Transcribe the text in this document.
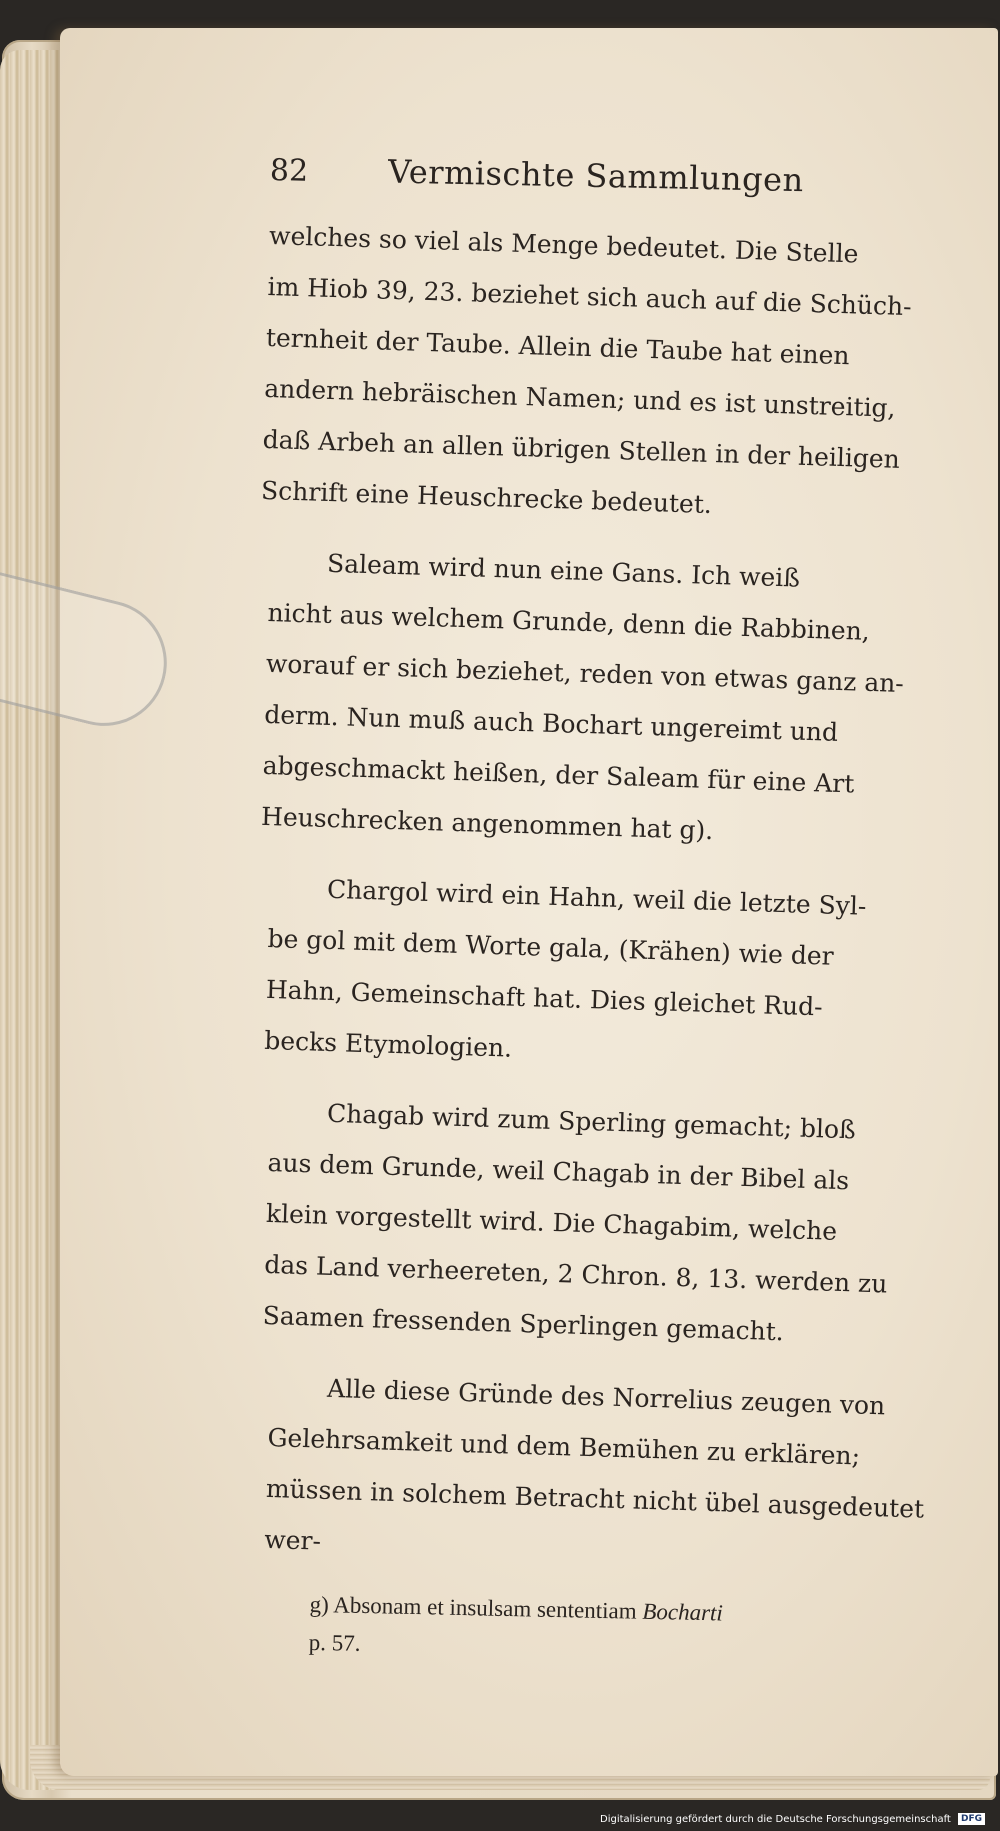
82 Vermischte Sammlungen
welches so viel als Menge bedeutet. Die Stelle
im Hiob 39, 23. beziehet sich auch auf die Schüch-
ternheit der Taube. Allein die Taube hat einen
andern hebräischen Namen; und es ist unstreitig,
daß Arbeh an allen übrigen Stellen in der heiligen
Schrift eine Heuschrecke bedeutet.
Saleam wird nun eine Gans. Ich weiß
nicht aus welchem Grunde, denn die Rabbinen,
worauf er sich beziehet, reden von etwas ganz an-
derm. Nun muß auch Bochart ungereimt und
abgeschmackt heißen, der Saleam für eine Art
Heuschrecken angenommen hat g).
Chargol wird ein Hahn, weil die letzte Syl-
be gol mit dem Worte gala, (Krähen) wie der
Hahn, Gemeinschaft hat. Dies gleichet Rud-
becks Etymologien.
Chagab wird zum Sperling gemacht; bloß
aus dem Grunde, weil Chagab in der Bibel als
klein vorgestellt wird. Die Chagabim, welche
das Land verheereten, 2 Chron. 8, 13. werden zu
Saamen fressenden Sperlingen gemacht.
Alle diese Gründe des Norrelius zeugen von
Gelehrsamkeit und dem Bemühen zu erklären;
müssen in solchem Betracht nicht übel ausgedeutet
wer-
g) Absonam et insulsam sententiam Bocharti
p. 57.
Digitalisierung gefördert durch die Deutsche Forschungsgemeinschaft DFG
